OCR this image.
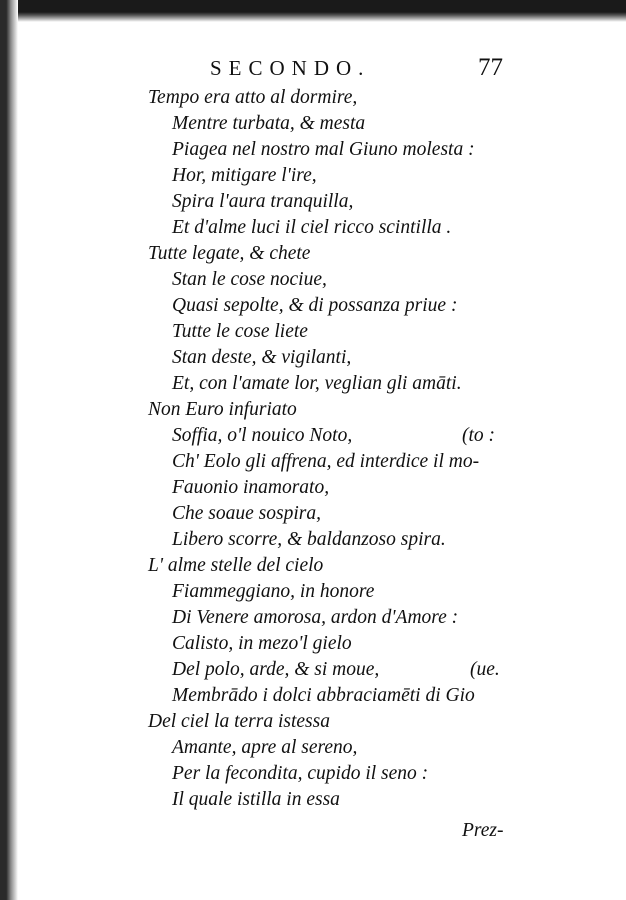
SECONDO.	77
Tempo era atto al dormire,
Mentre turbata, & mesta
Piagea nel nostro mal Giuno molesta :
Hor, mitigare l'ire,
Spira l'aura tranquilla,
Et d'alme luci il ciel ricco scintilla .
Tutte legate, & chete
Stan le cose nociue,
Quasi sepolte, & di possanza priue :
Tutte le cose liete
Stan deste, & vigilanti,
Et, con l'amate lor, veglian gli amāti.
Non Euro infuriato
Soffia, o'l nouico Noto,	(to :
Ch' Eolo gli affrena, ed interdice il mo-
Fauonio inamorato,
Che soaue sospira,
Libero scorre, & baldanzoso spira.
L' alme stelle del cielo
Fiammeggiano, in honore
Di Venere amorosa, ardon d'Amore :
Calisto, in mezo'l gielo
Del polo, arde, & si moue,	(ue.
Membrādo i dolci abbraciamēti di Gio
Del ciel la terra istessa
Amante, apre al sereno,
Per la fecondita, cupido il seno :
Il quale istilla in essa
Prez-
